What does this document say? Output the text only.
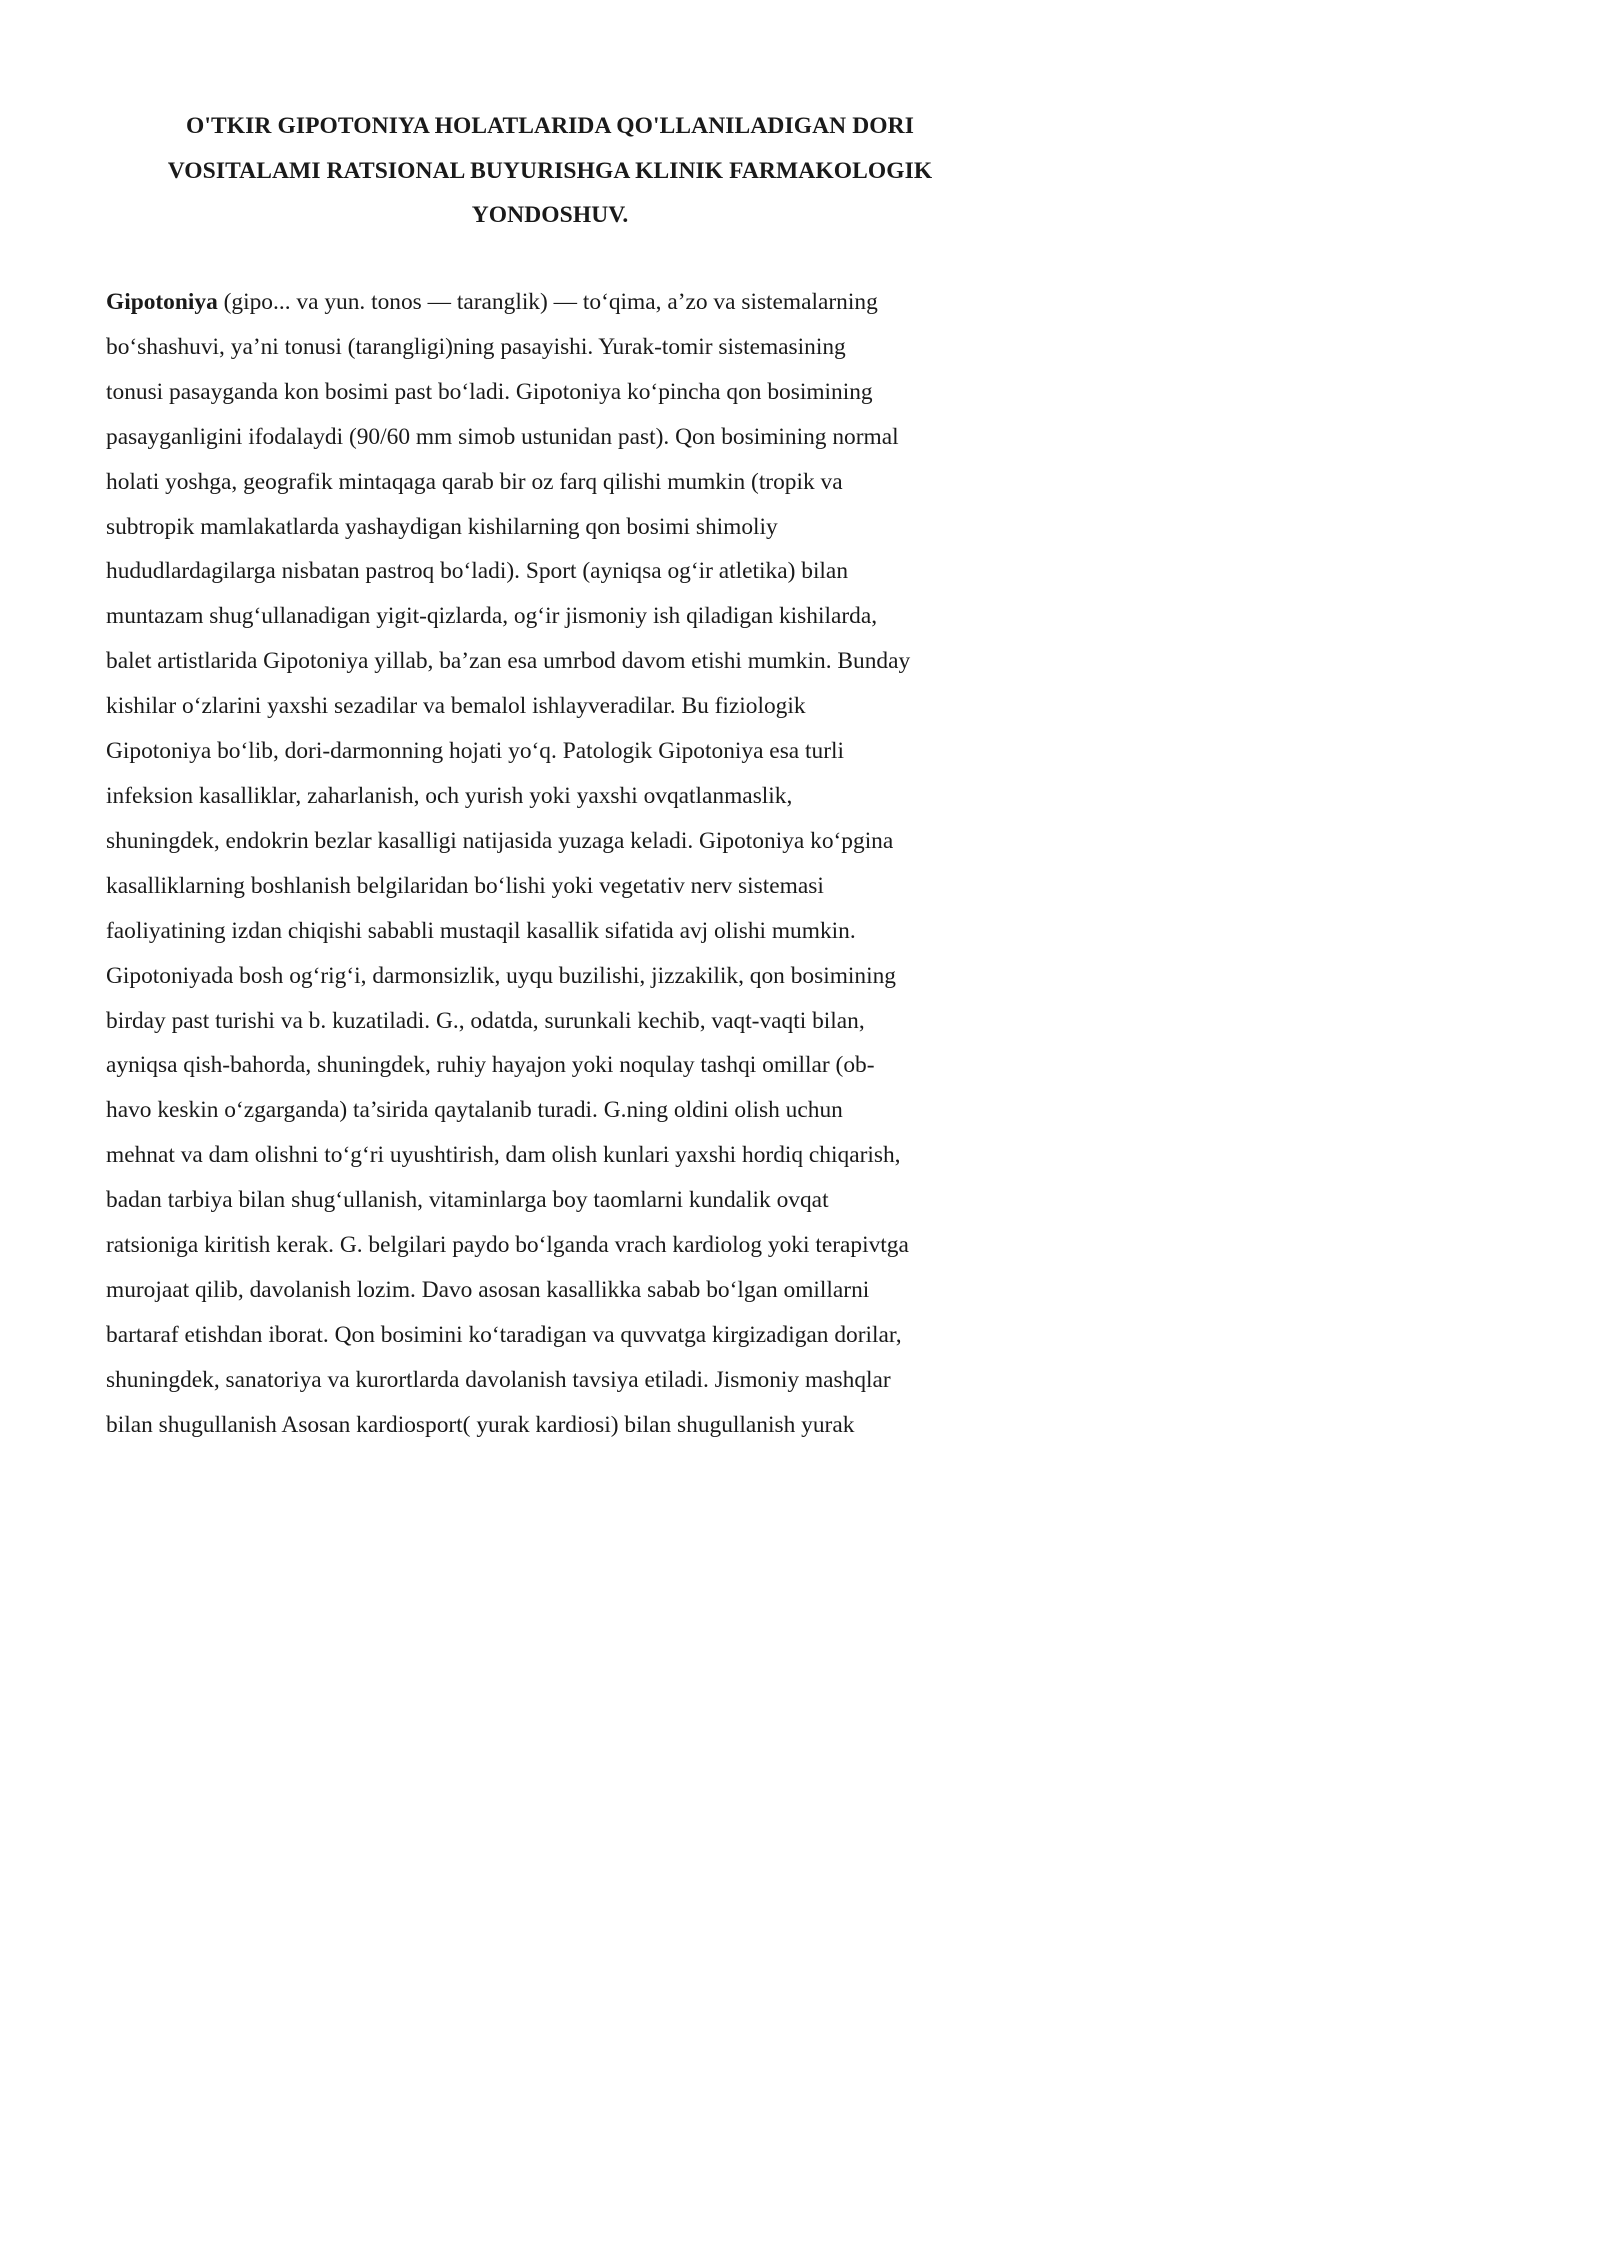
O'TKIR GIPOTONIYA HOLATLARIDA QO'LLANILADIGAN DORI
VOSITALAMI RATSIONAL BUYURISHGA KLINIK FARMAKOLOGIK
YONDOSHUV.

Gipotoniya (gipo... va yun. tonos — taranglik) — to‘qima, a’zo va sistemalarning
bo‘shashuvi, ya’ni tonusi (tarangligi)ning pasayishi. Yurak-tomir sistemasining
tonusi pasayganda kon bosimi past bo‘ladi. Gipotoniya ko‘pincha qon bosimining
pasayganligini ifodalaydi (90/60 mm simob ustunidan past). Qon bosimining normal
holati yoshga, geografik mintaqaga qarab bir oz farq qilishi mumkin (tropik va
subtropik mamlakatlarda yashaydigan kishilarning qon bosimi shimoliy
hududlardagilarga nisbatan pastroq bo‘ladi). Sport (ayniqsa og‘ir atletika) bilan
muntazam shug‘ullanadigan yigit-qizlarda, og‘ir jismoniy ish qiladigan kishilarda,
balet artistlarida Gipotoniya yillab, ba’zan esa umrbod davom etishi mumkin. Bunday
kishilar o‘zlarini yaxshi sezadilar va bemalol ishlayveradilar. Bu fiziologik
Gipotoniya bo‘lib, dori-darmonning hojati yo‘q. Patologik Gipotoniya esa turli
infeksion kasalliklar, zaharlanish, och yurish yoki yaxshi ovqatlanmaslik,
shuningdek, endokrin bezlar kasalligi natijasida yuzaga keladi. Gipotoniya ko‘pgina
kasalliklarning boshlanish belgilaridan bo‘lishi yoki vegetativ nerv sistemasi
faoliyatining izdan chiqishi sababli mustaqil kasallik sifatida avj olishi mumkin.
Gipotoniyada bosh og‘rig‘i, darmonsizlik, uyqu buzilishi, jizzakilik, qon bosimining
birday past turishi va b. kuzatiladi. G., odatda, surunkali kechib, vaqt-vaqti bilan,
ayniqsa qish-bahorda, shuningdek, ruhiy hayajon yoki noqulay tashqi omillar (ob-
havo keskin o‘zgarganda) ta’sirida qaytalanib turadi. G.ning oldini olish uchun
mehnat va dam olishni to‘g‘ri uyushtirish, dam olish kunlari yaxshi hordiq chiqarish,
badan tarbiya bilan shug‘ullanish, vitaminlarga boy taomlarni kundalik ovqat
ratsioniga kiritish kerak. G. belgilari paydo bo‘lganda vrach kardiolog yoki terapivtga
murojaat qilib, davolanish lozim. Davo asosan kasallikka sabab bo‘lgan omillarni
bartaraf etishdan iborat. Qon bosimini ko‘taradigan va quvvatga kirgizadigan dorilar,
shuningdek, sanatoriya va kurortlarda davolanish tavsiya etiladi. Jismoniy mashqlar
bilan shugullanish Asosan kardiosport( yurak kardiosi) bilan shugullanish yurak
